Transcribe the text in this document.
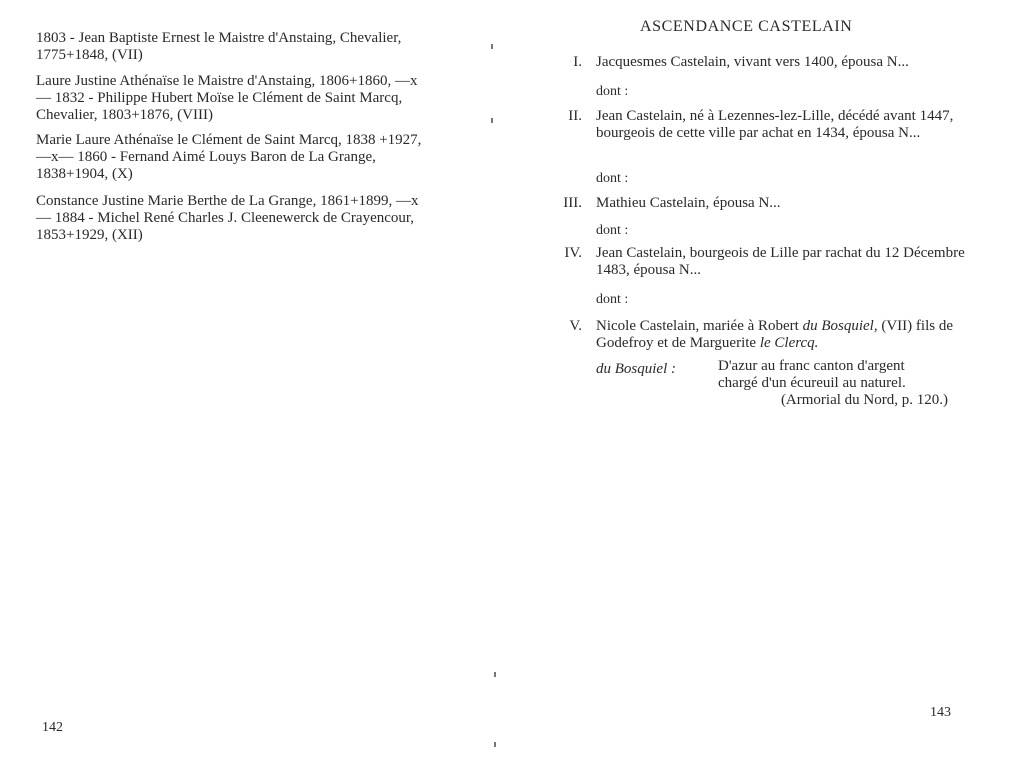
1803 - Jean Baptiste Ernest le Maistre d'Anstaing, Chevalier, 1775+1848, (VII)
Laure Justine Athénaïse le Maistre d'Anstaing, 1806+1860, —x— 1832 - Philippe Hubert Moïse le Clément de Saint Marcq, Chevalier, 1803+1876, (VIII)
Marie Laure Athénaïse le Clément de Saint Marcq, 1838 +1927, —x— 1860 - Fernand Aimé Louys Baron de La Grange, 1838+1904, (X)
Constance Justine Marie Berthe de La Grange, 1861+1899, —x— 1884 - Michel René Charles J. Cleenewerck de Crayencour, 1853+1929, (XII)
142
ASCENDANCE CASTELAIN
I. Jacquesmes Castelain, vivant vers 1400, épousa N...
dont :
II. Jean Castelain, né à Lezennes-lez-Lille, décédé avant 1447, bourgeois de cette ville par achat en 1434, épousa N...
dont :
III. Mathieu Castelain, épousa N...
dont :
IV. Jean Castelain, bourgeois de Lille par rachat du 12 Décembre 1483, épousa N...
dont :
V. Nicole Castelain, mariée à Robert du Bosquiel, (VII) fils de Godefroy et de Marguerite le Clercq.
du Bosquiel :	D'azur au franc canton d'argent chargé d'un écureuil au naturel.
(Armorial du Nord, p. 120.)
143
